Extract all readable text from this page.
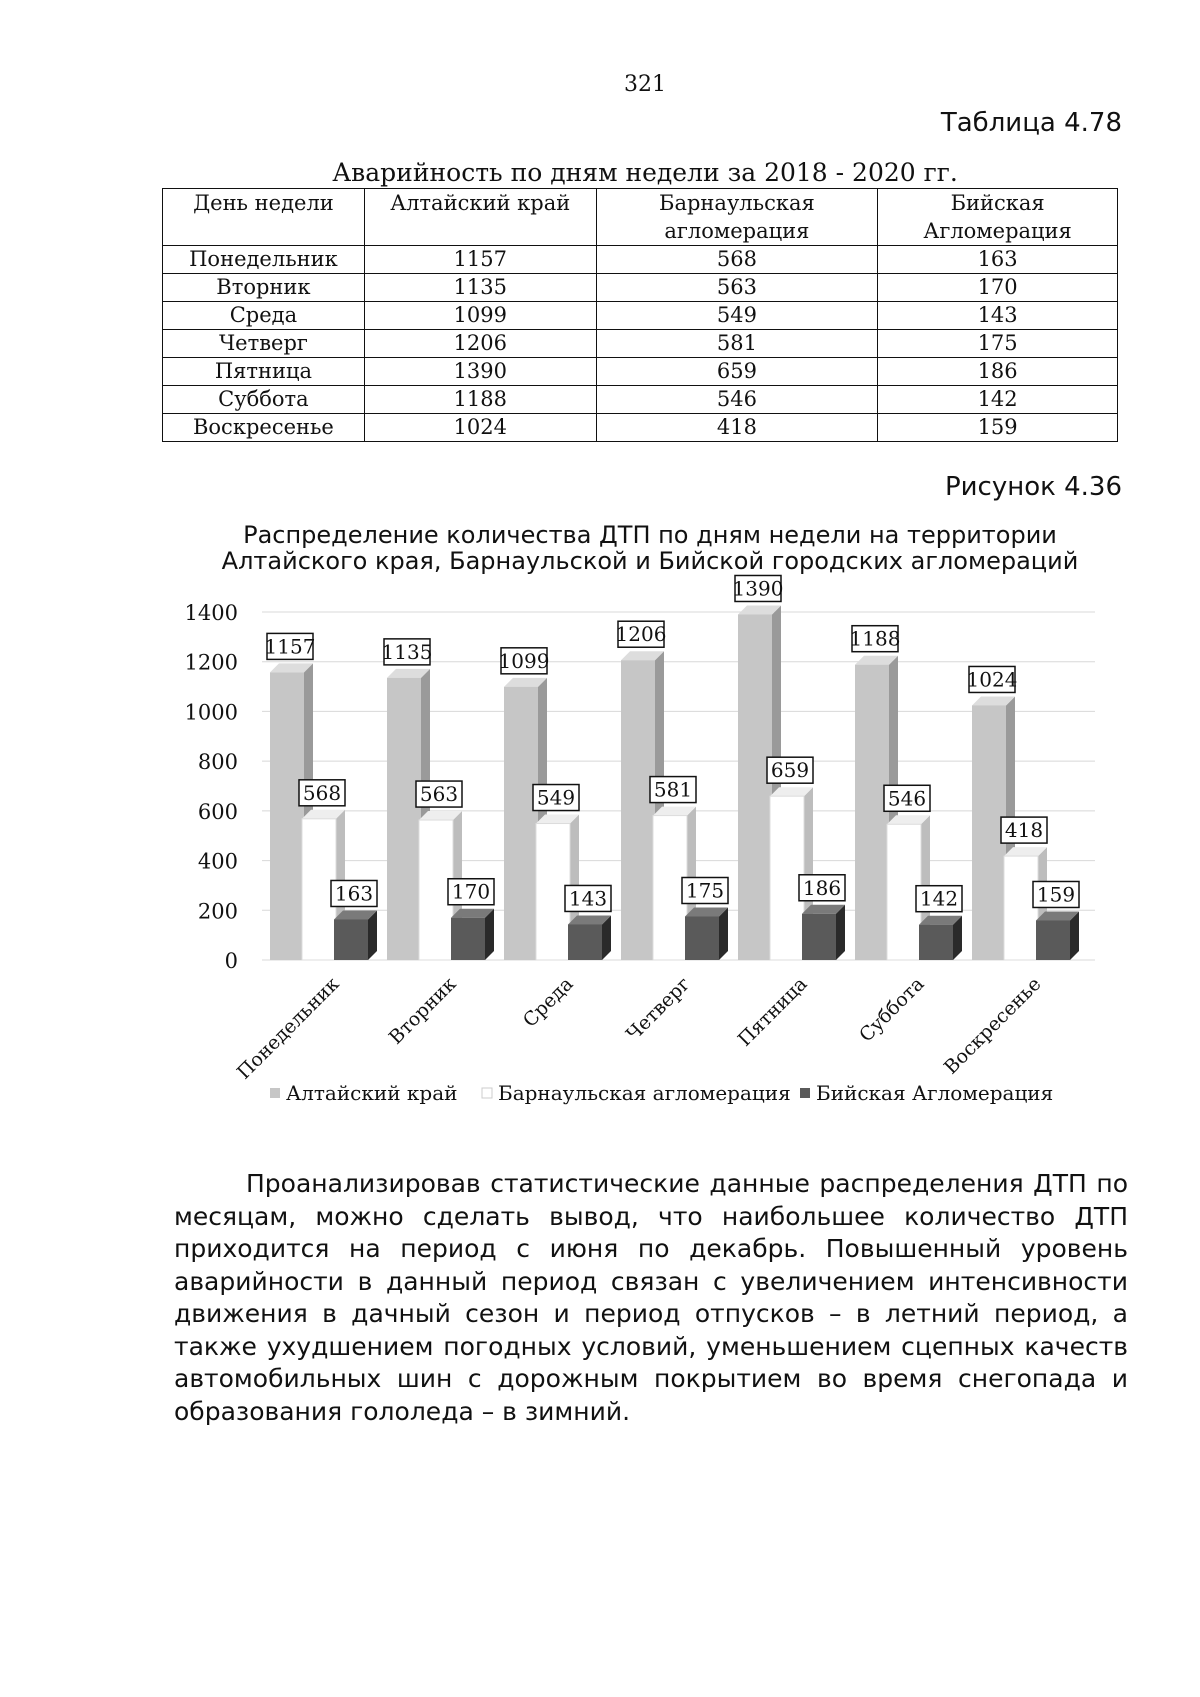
321
Таблица 4.78
Аварийность по дням недели за 2018 - 2020 гг.
День недели	Алтайский край	Барнаульская агломерация	Бийская Агломерация
Понедельник	1157	568	163
Вторник	1135	563	170
Среда	1099	549	143
Четверг	1206	581	175
Пятница	1390	659	186
Суббота	1188	546	142
Воскресенье	1024	418	159
Рисунок 4.36
Распределение количества ДТП по дням недели на территории Алтайского края, Барнаульской и Бийской городских агломераций
0
200
400
600
800
1000
1200
1400
1157
568
163
Понедельник
1135
563
170
Вторник
1099
549
143
Среда
1206
581
175
Четверг
1390
659
186
Пятница
1188
546
142
Суббота
1024
418
159
Воскресенье
Алтайский край Барнаульская агломерация Бийская Агломерация
Проанализировав статистические данные распределения ДТП по месяцам, можно сделать вывод, что наибольшее количество ДТП приходится на период с июня по декабрь. Повышенный уровень аварийности в данный период связан с увеличением интенсивности движения в дачный сезон и период отпусков – в летний период, а также ухудшением погодных условий, уменьшением сцепных качеств автомобильных шин с дорожным покрытием во время снегопада и образования гололеда – в зимний.
